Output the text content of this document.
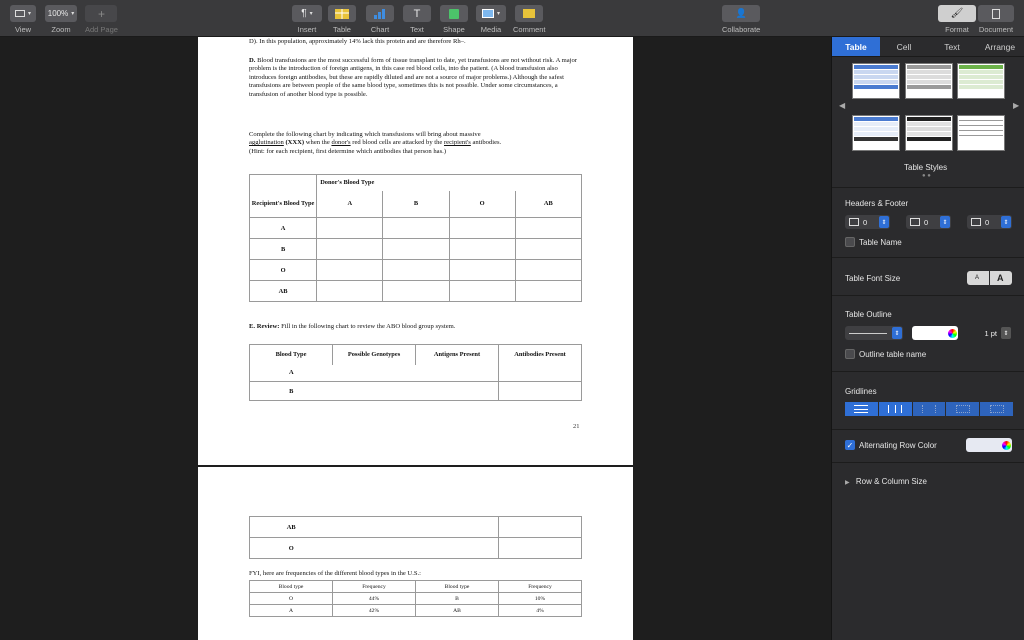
▾
View
100% ▾
Zoom
+
Add Page
¶ ▾
Insert Table	Chart
T
Text	Shape
▾
Media Comment
👤
Collaborate
🖌
Format Document
D). In this population, approximately 14% lack this protein and are therefore Rh–.
D. Blood transfusions are the most successful form of tissue transplant to date, yet transfusions are not without risk. A major problem is the introduction of foreign antigens, in this case red blood cells, into the patient. (A blood transfusion also introduces foreign antibodies, but these are rapidly diluted and are not a source of major problems.) Although the safest transfusions are between people of the same blood type, sometimes this is not possible. Under some circumstances, a transfusion of another blood type is possible.
Complete the following chart by indicating which transfusions will bring about massive
agglutination (XXX) when the donor's red blood cells are attacked by the recipient's antibodies.
(Hint: for each recipient, first determine which antibodies that person has.)
	Donor's Blood Type			
Recipient's Blood Type	A	B	O	AB
A				
B				
O				
AB				
E. Review: Fill in the following chart to review the ABO blood group system.
Blood Type	Possible Genotypes	Antigens Present	Antibodies Present
A			
B			
21
AB			
O			
FYI, here are frequencies of the different blood types in the U.S.:
Blood type	Frequency	Blood type	Frequency
O	44%	B	10%
A	42%	AB	4%
Table	Cell	Text	Arrange
◀	▶
Table Styles
● ●
Headers & Footer
0	⇕	0	⇕	0	⇕
Table Name
Table Font Size	A A
Table Outline
⇕	1 pt	⇕
Outline table name
Gridlines
✓ Alternating Row Color
▶ Row & Column Size
